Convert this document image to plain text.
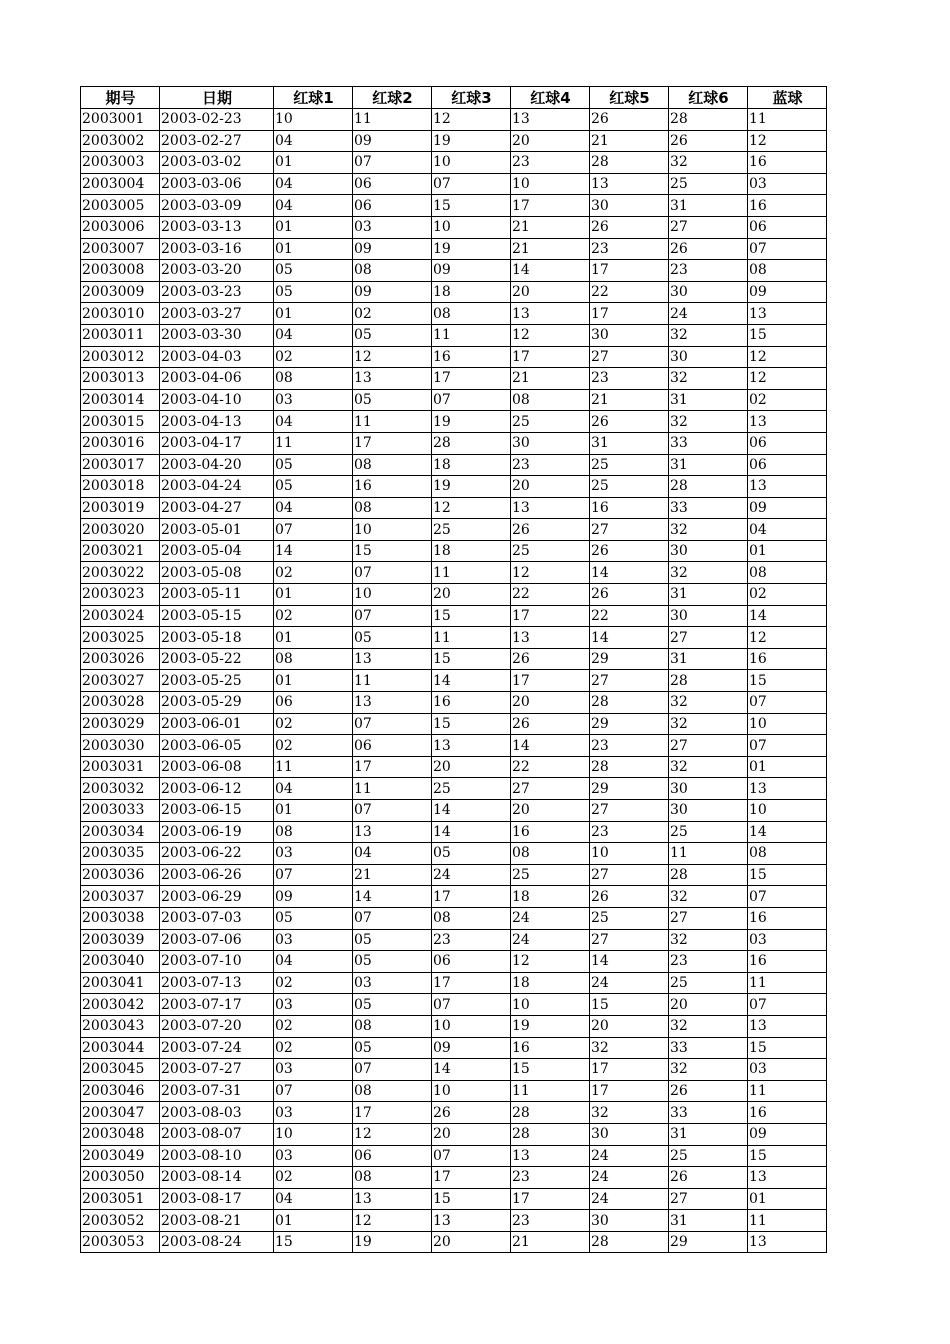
期号	日期	红球1	红球2	红球3	红球4	红球5	红球6	蓝球
2003001	2003-02-23	10	11	12	13	26	28	11
2003002	2003-02-27	04	09	19	20	21	26	12
2003003	2003-03-02	01	07	10	23	28	32	16
2003004	2003-03-06	04	06	07	10	13	25	03
2003005	2003-03-09	04	06	15	17	30	31	16
2003006	2003-03-13	01	03	10	21	26	27	06
2003007	2003-03-16	01	09	19	21	23	26	07
2003008	2003-03-20	05	08	09	14	17	23	08
2003009	2003-03-23	05	09	18	20	22	30	09
2003010	2003-03-27	01	02	08	13	17	24	13
2003011	2003-03-30	04	05	11	12	30	32	15
2003012	2003-04-03	02	12	16	17	27	30	12
2003013	2003-04-06	08	13	17	21	23	32	12
2003014	2003-04-10	03	05	07	08	21	31	02
2003015	2003-04-13	04	11	19	25	26	32	13
2003016	2003-04-17	11	17	28	30	31	33	06
2003017	2003-04-20	05	08	18	23	25	31	06
2003018	2003-04-24	05	16	19	20	25	28	13
2003019	2003-04-27	04	08	12	13	16	33	09
2003020	2003-05-01	07	10	25	26	27	32	04
2003021	2003-05-04	14	15	18	25	26	30	01
2003022	2003-05-08	02	07	11	12	14	32	08
2003023	2003-05-11	01	10	20	22	26	31	02
2003024	2003-05-15	02	07	15	17	22	30	14
2003025	2003-05-18	01	05	11	13	14	27	12
2003026	2003-05-22	08	13	15	26	29	31	16
2003027	2003-05-25	01	11	14	17	27	28	15
2003028	2003-05-29	06	13	16	20	28	32	07
2003029	2003-06-01	02	07	15	26	29	32	10
2003030	2003-06-05	02	06	13	14	23	27	07
2003031	2003-06-08	11	17	20	22	28	32	01
2003032	2003-06-12	04	11	25	27	29	30	13
2003033	2003-06-15	01	07	14	20	27	30	10
2003034	2003-06-19	08	13	14	16	23	25	14
2003035	2003-06-22	03	04	05	08	10	11	08
2003036	2003-06-26	07	21	24	25	27	28	15
2003037	2003-06-29	09	14	17	18	26	32	07
2003038	2003-07-03	05	07	08	24	25	27	16
2003039	2003-07-06	03	05	23	24	27	32	03
2003040	2003-07-10	04	05	06	12	14	23	16
2003041	2003-07-13	02	03	17	18	24	25	11
2003042	2003-07-17	03	05	07	10	15	20	07
2003043	2003-07-20	02	08	10	19	20	32	13
2003044	2003-07-24	02	05	09	16	32	33	15
2003045	2003-07-27	03	07	14	15	17	32	03
2003046	2003-07-31	07	08	10	11	17	26	11
2003047	2003-08-03	03	17	26	28	32	33	16
2003048	2003-08-07	10	12	20	28	30	31	09
2003049	2003-08-10	03	06	07	13	24	25	15
2003050	2003-08-14	02	08	17	23	24	26	13
2003051	2003-08-17	04	13	15	17	24	27	01
2003052	2003-08-21	01	12	13	23	30	31	11
2003053	2003-08-24	15	19	20	21	28	29	13
